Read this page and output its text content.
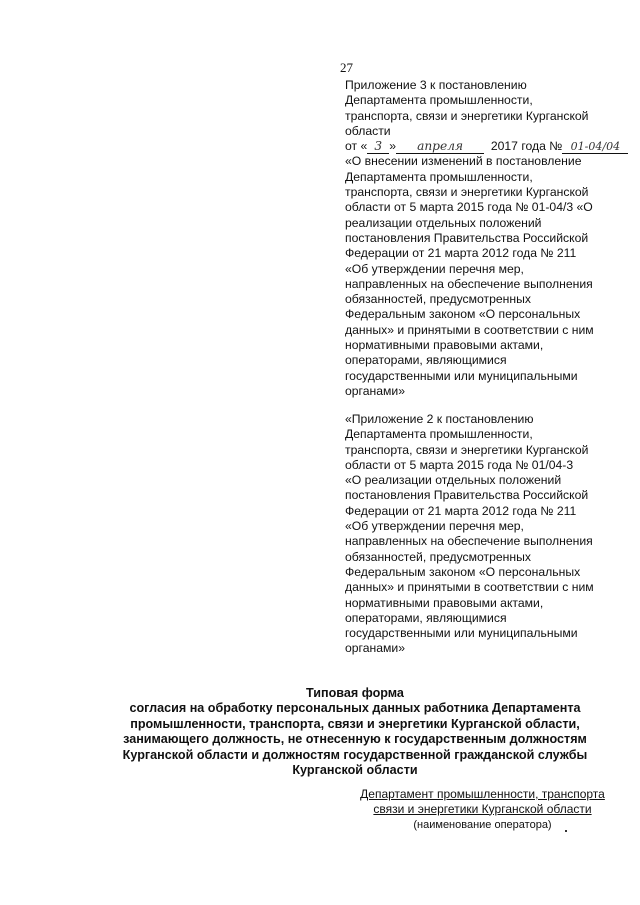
27
Приложение 3 к постановлению
Департамента промышленности,
транспорта, связи и энергетики Курганской
области
от « 3 » апреля 2017 года № 01-04/04
«О внесении изменений в постановление
Департамента промышленности,
транспорта, связи и энергетики Курганской
области от 5 марта 2015 года № 01-04/3 «О
реализации отдельных положений
постановления Правительства Российской
Федерации от 21 марта 2012 года № 211
«Об утверждении перечня мер,
направленных на обеспечение выполнения
обязанностей, предусмотренных
Федеральным законом «О персональных
данных» и принятыми в соответствии с ним
нормативными правовыми актами,
операторами, являющимися
государственными или муниципальными
органами»
«Приложение 2 к постановлению
Департамента промышленности,
транспорта, связи и энергетики Курганской
области от 5 марта 2015 года № 01/04-3
«О реализации отдельных положений
постановления Правительства Российской
Федерации от 21 марта 2012 года № 211
«Об утверждении перечня мер,
направленных на обеспечение выполнения
обязанностей, предусмотренных
Федеральным законом «О персональных
данных» и принятыми в соответствии с ним
нормативными правовыми актами,
операторами, являющимися
государственными или муниципальными
органами»
Типовая форма
согласия на обработку персональных данных работника Департамента
промышленности, транспорта, связи и энергетики Курганской области,
занимающего должность, не отнесенную к государственным должностям
Курганской области и должностям государственной гражданской службы
Курганской области
Департамент промышленности, транспорта
связи и энергетики Курганской области
(наименование оператора)
